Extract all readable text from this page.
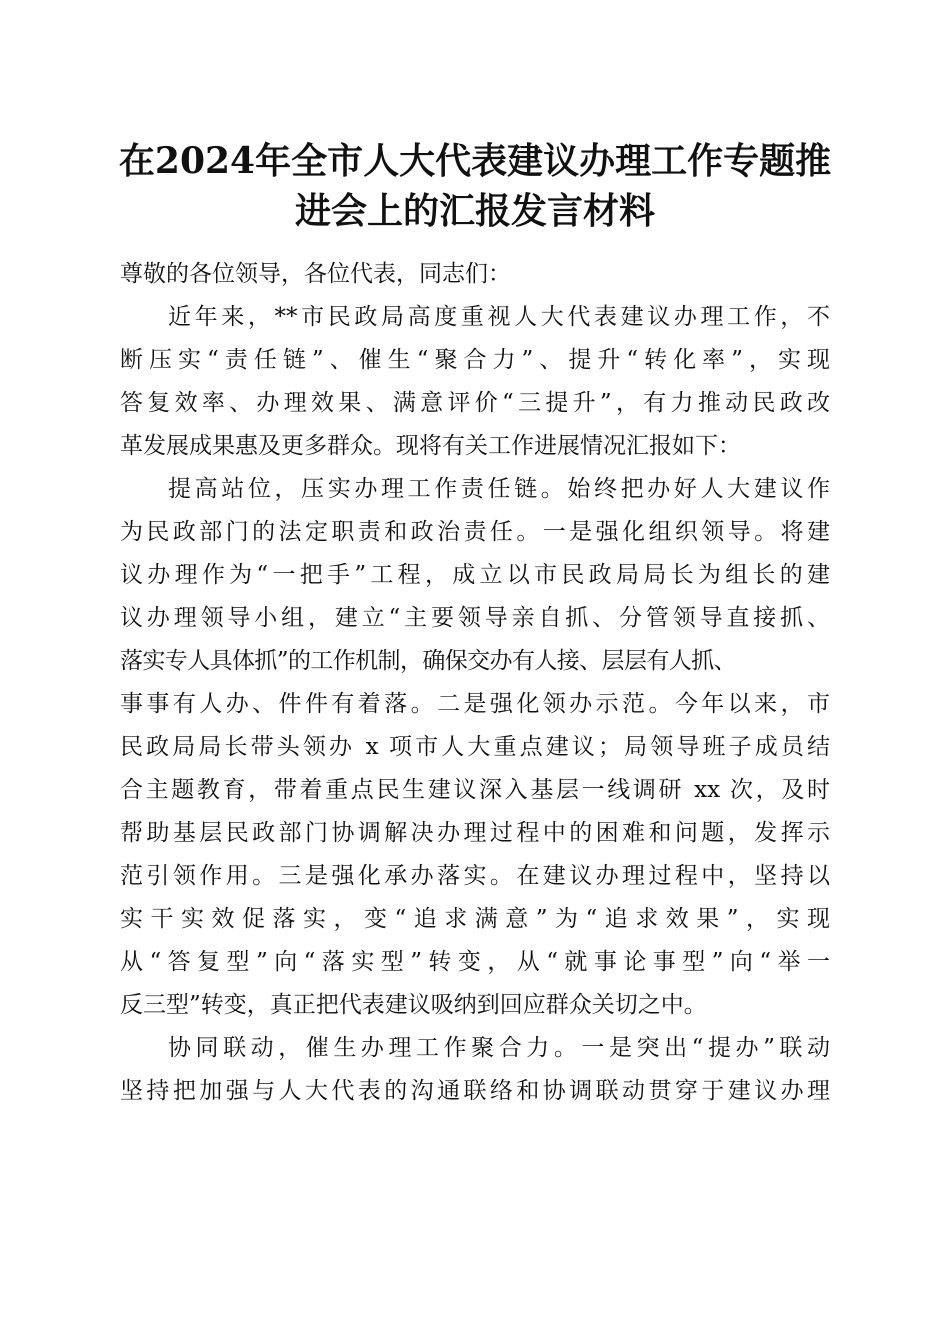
在2024年全市人大代表建议办理工作专题推
进会上的汇报发言材料

尊敬的各位领导，各位代表，同志们：

近年来，**市民政局高度重视人大代表建议办理工作，不
断压实“责任链”、催生“聚合力”、提升“转化率”，实现
答复效率、办理效果、满意评价“三提升”，有力推动民政改
革发展成果惠及更多群众。现将有关工作进展情况汇报如下：

提高站位，压实办理工作责任链。始终把办好人大建议作
为民政部门的法定职责和政治责任。一是强化组织领导。将建
议办理作为“一把手”工程，成立以市民政局局长为组长的建
议办理领导小组，建立“主要领导亲自抓、分管领导直接抓、
落实专人具体抓”的工作机制，确保交办有人接、层层有人抓、
事事有人办、件件有着落。二是强化领办示范。今年以来，市
民政局局长带头领办 x 项市人大重点建议；局领导班子成员结
合主题教育，带着重点民生建议深入基层一线调研 xx 次，及时
帮助基层民政部门协调解决办理过程中的困难和问题，发挥示
范引领作用。三是强化承办落实。在建议办理过程中，坚持以
实干实效促落实，变“追求满意”为“追求效果”，实现
从“答复型”向“落实型”转变，从“就事论事型”向“举一
反三型”转变，真正把代表建议吸纳到回应群众关切之中。

协同联动，催生办理工作聚合力。一是突出“提办”联动
坚持把加强与人大代表的沟通联络和协调联动贯穿于建议办理
